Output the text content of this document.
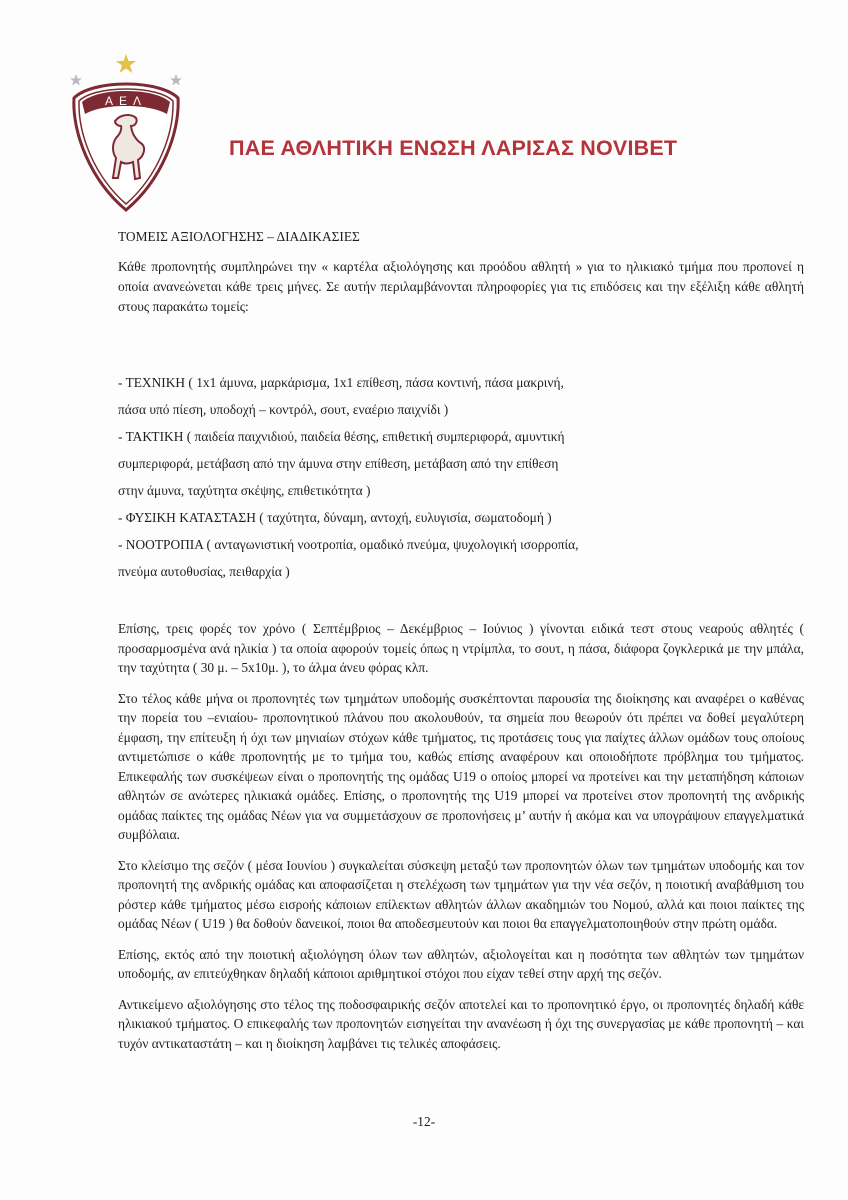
ΑΕΛ
ΠΑΕ ΑΘΛΗΤΙΚΗ ΕΝΩΣΗ ΛΑΡΙΣΑΣ NOVIBET

ΤΟΜΕΙΣ ΑΞΙΟΛΟΓΗΣΗΣ – ΔΙΑΔΙΚΑΣΙΕΣ

Κάθε προπονητής συμπληρώνει την « καρτέλα αξιολόγησης και προόδου αθλητή » για το ηλικιακό τμήμα που προπονεί η οποία ανανεώνεται κάθε τρεις μήνες. Σε αυτήν περιλαμβάνονται πληροφορίες για τις επιδόσεις και την εξέλιξη κάθε αθλητή στους παρακάτω τομείς:

- ΤΕΧΝΙΚΗ ( 1x1 άμυνα, μαρκάρισμα, 1x1 επίθεση, πάσα κοντινή, πάσα μακρινή,

πάσα υπό πίεση, υποδοχή – κοντρόλ, σουτ, εναέριο παιχνίδι )

- ΤΑΚΤΙΚΗ ( παιδεία παιχνιδιού, παιδεία θέσης, επιθετική συμπεριφορά, αμυντική

συμπεριφορά, μετάβαση από την άμυνα στην επίθεση, μετάβαση από την επίθεση

στην άμυνα, ταχύτητα σκέψης, επιθετικότητα )

- ΦΥΣΙΚΗ ΚΑΤΑΣΤΑΣΗ ( ταχύτητα, δύναμη, αντοχή, ευλυγισία, σωματοδομή )

- ΝΟΟΤΡΟΠΙΑ ( ανταγωνιστική νοοτροπία, ομαδικό πνεύμα, ψυχολογική ισορροπία,

πνεύμα αυτοθυσίας, πειθαρχία )

Επίσης, τρεις φορές τον χρόνο ( Σεπτέμβριος – Δεκέμβριος – Ιούνιος ) γίνονται ειδικά τεστ στους νεαρούς αθλητές ( προσαρμοσμένα ανά ηλικία ) τα οποία αφορούν τομείς όπως η ντρίμπλα, το σουτ, η πάσα, διάφορα ζογκλερικά με την μπάλα, την ταχύτητα ( 30 μ. – 5x10μ. ), το άλμα άνευ φόρας κλπ.

Στο τέλος κάθε μήνα οι προπονητές των τμημάτων υποδομής συσκέπτονται παρουσία της διοίκησης και αναφέρει ο καθένας την πορεία του –ενιαίου- προπονητικού πλάνου που ακολουθούν, τα σημεία που θεωρούν ότι πρέπει να δοθεί μεγαλύτερη έμφαση, την επίτευξη ή όχι των μηνιαίων στόχων κάθε τμήματος, τις προτάσεις τους για παίχτες άλλων ομάδων τους οποίους αντιμετώπισε ο κάθε προπονητής με το τμήμα του, καθώς επίσης αναφέρουν και οποιοδήποτε πρόβλημα του τμήματος. Επικεφαλής των συσκέψεων είναι ο προπονητής της ομάδας U19 ο οποίος μπορεί να προτείνει και την μεταπήδηση κάποιων αθλητών σε ανώτερες ηλικιακά ομάδες. Επίσης, ο προπονητής της U19 μπορεί να προτείνει στον προπονητή της ανδρικής ομάδας παίκτες της ομάδας Νέων για να συμμετάσχουν σε προπονήσεις μ’ αυτήν ή ακόμα και να υπογράψουν επαγγελματικά συμβόλαια.

Στο κλείσιμο της σεζόν ( μέσα Ιουνίου ) συγκαλείται σύσκεψη μεταξύ των προπονητών όλων των τμημάτων υποδομής και τον προπονητή της ανδρικής ομάδας και αποφασίζεται η στελέχωση των τμημάτων για την νέα σεζόν, η ποιοτική αναβάθμιση του ρόστερ κάθε τμήματος μέσω εισροής κάποιων επίλεκτων αθλητών άλλων ακαδημιών του Νομού, αλλά και ποιοι παίκτες της ομάδας Νέων ( U19 ) θα δοθούν δανεικοί, ποιοι θα αποδεσμευτούν και ποιοι θα επαγγελματοποιηθούν στην πρώτη ομάδα.

Επίσης, εκτός από την ποιοτική αξιολόγηση όλων των αθλητών, αξιολογείται και η ποσότητα των αθλητών των τμημάτων υποδομής, αν επιτεύχθηκαν δηλαδή κάποιοι αριθμητικοί στόχοι που είχαν τεθεί στην αρχή της σεζόν.

Αντικείμενο αξιολόγησης στο τέλος της ποδοσφαιρικής σεζόν αποτελεί και το προπονητικό έργο, οι προπονητές δηλαδή κάθε ηλικιακού τμήματος. Ο επικεφαλής των προπονητών εισηγείται την ανανέωση ή όχι της συνεργασίας με κάθε προπονητή – και τυχόν αντικαταστάτη – και η διοίκηση λαμβάνει τις τελικές αποφάσεις.

-12-
